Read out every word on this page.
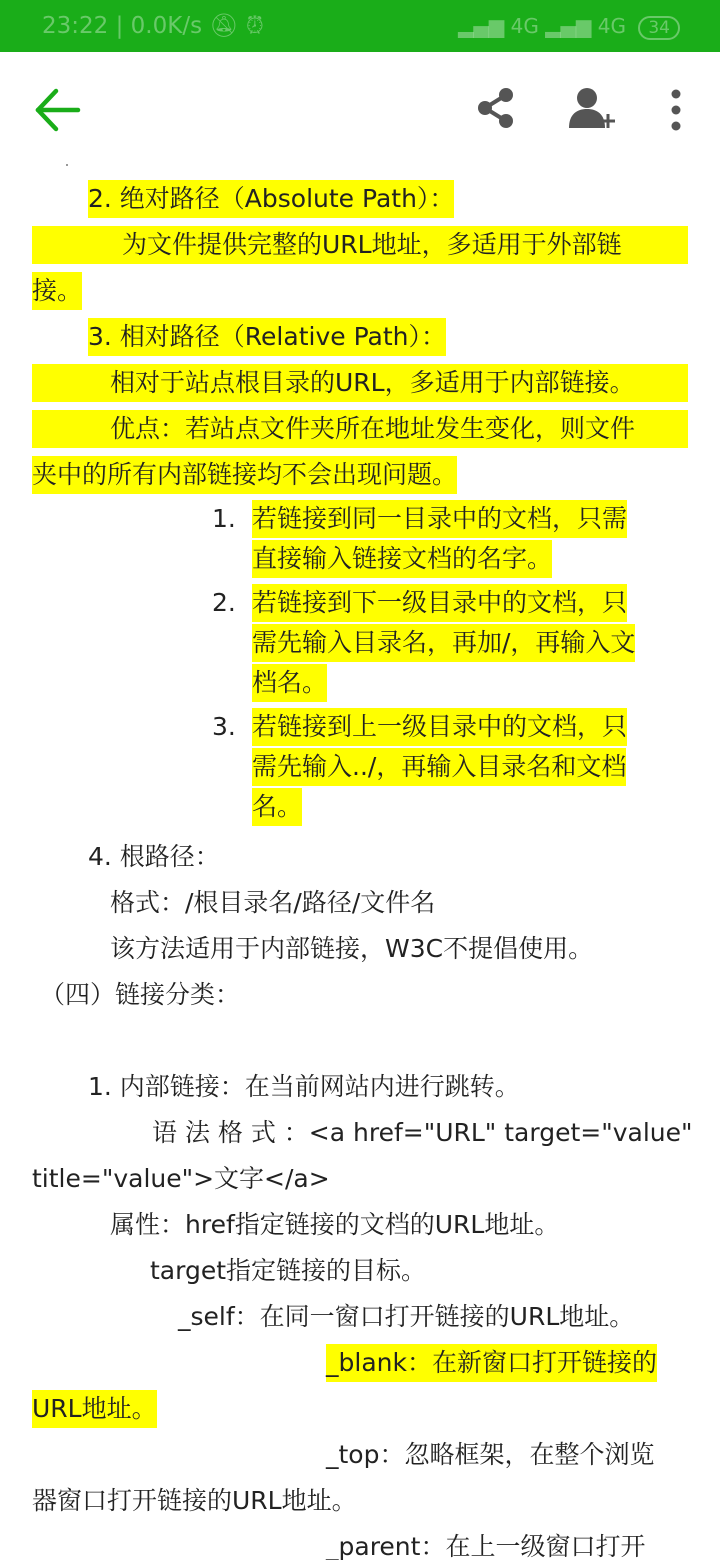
23:22 | 0.0K/s 🔕︎ ⏰︎	▂▄▆ 4G ▂▄▆ 4G 34
2. 绝对路径（Absolute Path）：
为文件提供完整的URL地址，多适用于外部链
接。
3. 相对路径（Relative Path）：
相对于站点根目录的URL，多适用于内部链接。
优点：若站点文件夹所在地址发生变化，则文件
夹中的所有内部链接均不会出现问题。
1. 若链接到同一目录中的文档，只需
直接输入链接文档的名字。
2. 若链接到下一级目录中的文档，只
需先输入目录名，再加/，再输入文
档名。
3. 若链接到上一级目录中的文档，只
需先输入../，再输入目录名和文档
名。
4. 根路径：
格式：/根目录名/路径/文件名
该方法适用于内部链接，W3C不提倡使用。
（四）链接分类：
1. 内部链接：在当前网站内进行跳转。
语 法 格 式 ：<a href="URL" target="value"
title="value">文字</a>
属性：href指定链接的文档的URL地址。
target指定链接的目标。
_self：在同一窗口打开链接的URL地址。
_blank：在新窗口打开链接的
URL地址。
_top：忽略框架，在整个浏览
器窗口打开链接的URL地址。
_parent：在上一级窗口打开
